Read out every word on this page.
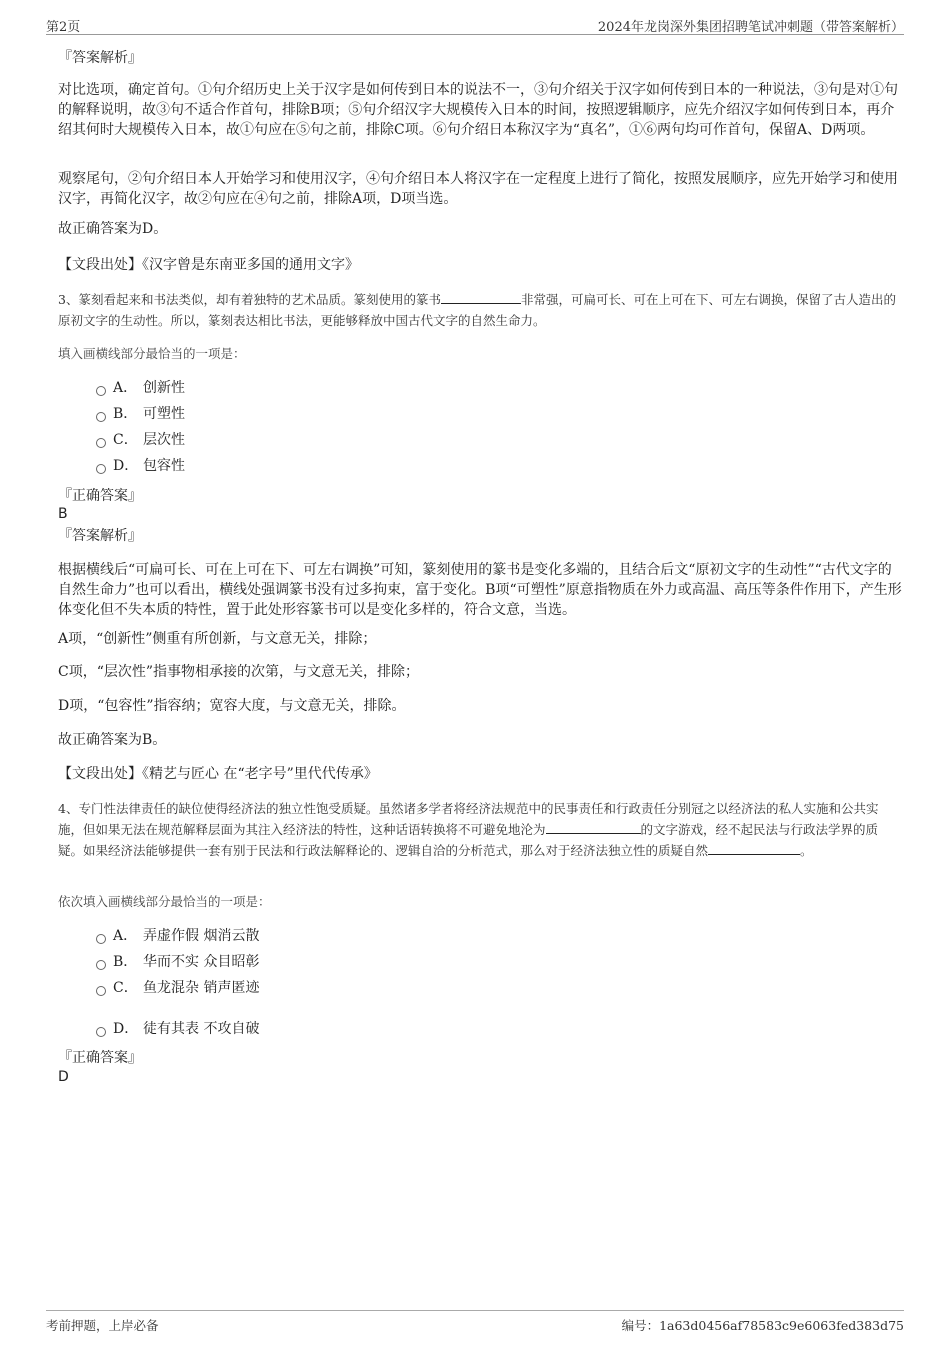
第2页	2024年龙岗深外集团招聘笔试冲刺题（带答案解析）
『答案解析』
对比选项，确定首句。①句介绍历史上关于汉字是如何传到日本的说法不一，③句介绍关于汉字如何传到日本的一种说法，③句是对①句的解释说明，故③句不适合作首句，排除B项；⑤句介绍汉字大规模传入日本的时间，按照逻辑顺序，应先介绍汉字如何传到日本，再介绍其何时大规模传入日本，故①句应在⑤句之前，排除C项。⑥句介绍日本称汉字为“真名”，①⑥两句均可作首句，保留A、D两项。
观察尾句，②句介绍日本人开始学习和使用汉字，④句介绍日本人将汉字在一定程度上进行了简化，按照发展顺序，应先开始学习和使用汉字，再简化汉字，故②句应在④句之前，排除A项，D项当选。
故正确答案为D。
【文段出处】《汉字曾是东南亚多国的通用文字》
3、篆刻看起来和书法类似，却有着独特的艺术品质。篆刻使用的篆书	非常强，可扁可长、可在上可在下、可左右调换，保留了古人造出的原初文字的生动性。所以，篆刻表达相比书法，更能够释放中国古代文字的自然生命力。
填入画横线部分最恰当的一项是：
A． 创新性
B． 可塑性
C． 层次性
D． 包容性
『正确答案』
B
『答案解析』
根据横线后“可扁可长、可在上可在下、可左右调换”可知，篆刻使用的篆书是变化多端的，且结合后文“原初文字的生动性”“古代文字的自然生命力”也可以看出，横线处强调篆书没有过多拘束，富于变化。B项“可塑性”原意指物质在外力或高温、高压等条件作用下，产生形体变化但不失本质的特性，置于此处形容篆书可以是变化多样的，符合文意，当选。
A项，“创新性”侧重有所创新，与文意无关，排除；
C项，“层次性”指事物相承接的次第，与文意无关，排除；
D项，“包容性”指容纳；宽容大度，与文意无关，排除。
故正确答案为B。
【文段出处】《精艺与匠心 在“老字号”里代代传承》
4、专门性法律责任的缺位使得经济法的独立性饱受质疑。虽然诸多学者将经济法规范中的民事责任和行政责任分别冠之以经济法的私人实施和公共实施，但如果无法在规范解释层面为其注入经济法的特性，这种话语转换将不可避免地沦为	的文字游戏，经不起民法与行政法学界的质疑。如果经济法能够提供一套有别于民法和行政法解释论的、逻辑自洽的分析范式，那么对于经济法独立性的质疑自然	。
依次填入画横线部分最恰当的一项是：
A． 弄虚作假 烟消云散
B． 华而不实 众目昭彰
C． 鱼龙混杂 销声匿迹
D． 徒有其表 不攻自破
『正确答案』
D
考前押题，上岸必备	编号：1a63d0456af78583c9e6063fed383d75
